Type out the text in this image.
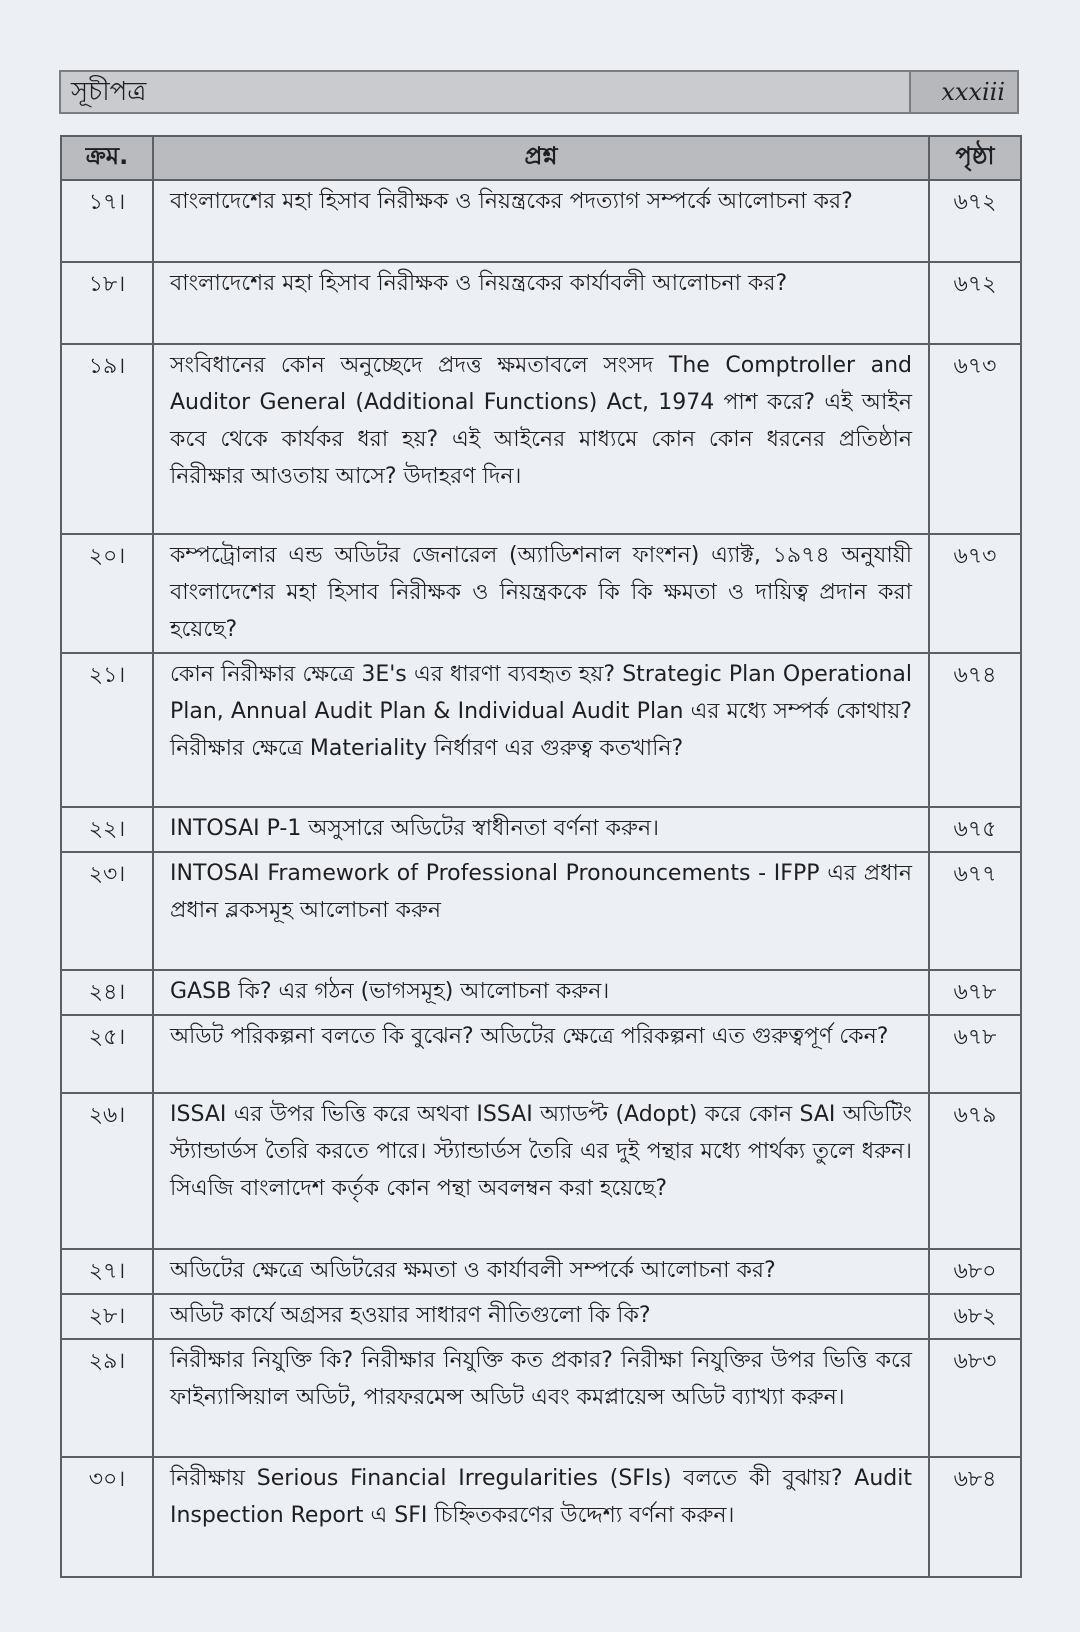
সূচীপত্র	xxxiii
ক্রম.	প্রশ্ন	পৃষ্ঠা
১৭।	বাংলাদেশের মহা হিসাব নিরীক্ষক ও নিয়ন্ত্রকের পদত্যাগ সম্পর্কে আলোচনা কর?	৬৭২
১৮।	বাংলাদেশের মহা হিসাব নিরীক্ষক ও নিয়ন্ত্রকের কার্যাবলী আলোচনা কর?	৬৭২
১৯।	সংবিধানের কোন অনুচ্ছেদে প্রদত্ত ক্ষমতাবলে সংসদ The Comptroller and Auditor General (Additional Functions) Act, 1974 পাশ করে? এই আইন কবে থেকে কার্যকর ধরা হয়? এই আইনের মাধ্যমে কোন কোন ধরনের প্রতিষ্ঠান নিরীক্ষার আওতায় আসে? উদাহরণ দিন।	৬৭৩
২০।	কম্পট্রোলার এন্ড অডিটর জেনারেল (অ্যাডিশনাল ফাংশন) এ্যাক্ট, ১৯৭৪ অনুযায়ী বাংলাদেশের মহা হিসাব নিরীক্ষক ও নিয়ন্ত্রককে কি কি ক্ষমতা ও দায়িত্ব প্রদান করা হয়েছে?	৬৭৩
২১।	কোন নিরীক্ষার ক্ষেত্রে 3E's এর ধারণা ব্যবহৃত হয়? Strategic Plan Operational Plan, Annual Audit Plan & Individual Audit Plan এর মধ্যে সম্পর্ক কোথায়? নিরীক্ষার ক্ষেত্রে Materiality নির্ধারণ এর গুরুত্ব কতখানি?	৬৭৪
২২।	INTOSAI P-1 অসুসারে অডিটের স্বাধীনতা বর্ণনা করুন।	৬৭৫
২৩।	INTOSAI Framework of Professional Pronouncements - IFPP এর প্রধান প্রধান ব্লকসমূহ আলোচনা করুন	৬৭৭
২৪।	GASB কি? এর গঠন (ভাগসমূহ) আলোচনা করুন।	৬৭৮
২৫।	অডিট পরিকল্পনা বলতে কি বুঝেন? অডিটের ক্ষেত্রে পরিকল্পনা এত গুরুত্বপূর্ণ কেন?	৬৭৮
২৬।	ISSAI এর উপর ভিত্তি করে অথবা ISSAI অ্যাডপ্ট (Adopt) করে কোন SAI অডিটিং স্ট্যান্ডার্ডস তৈরি করতে পারে। স্ট্যান্ডার্ডস তৈরি এর দুই পন্থার মধ্যে পার্থক্য তুলে ধরুন। সিএজি বাংলাদেশ কর্তৃক কোন পন্থা অবলম্বন করা হয়েছে?	৬৭৯
২৭।	অডিটের ক্ষেত্রে অডিটরের ক্ষমতা ও কার্যাবলী সম্পর্কে আলোচনা কর?	৬৮০
২৮।	অডিট কার্যে অগ্রসর হওয়ার সাধারণ নীতিগুলো কি কি?	৬৮২
২৯।	নিরীক্ষার নিযুক্তি কি? নিরীক্ষার নিযুক্তি কত প্রকার? নিরীক্ষা নিযুক্তির উপর ভিত্তি করে ফাইন্যান্সিয়াল অডিট, পারফরমেন্স অডিট এবং কমপ্লায়েন্স অডিট ব্যাখ্যা করুন।	৬৮৩
৩০।	নিরীক্ষায় Serious Financial Irregularities (SFIs) বলতে কী বুঝায়? Audit Inspection Report এ SFI চিহ্নিতকরণের উদ্দেশ্য বর্ণনা করুন।	৬৮৪
